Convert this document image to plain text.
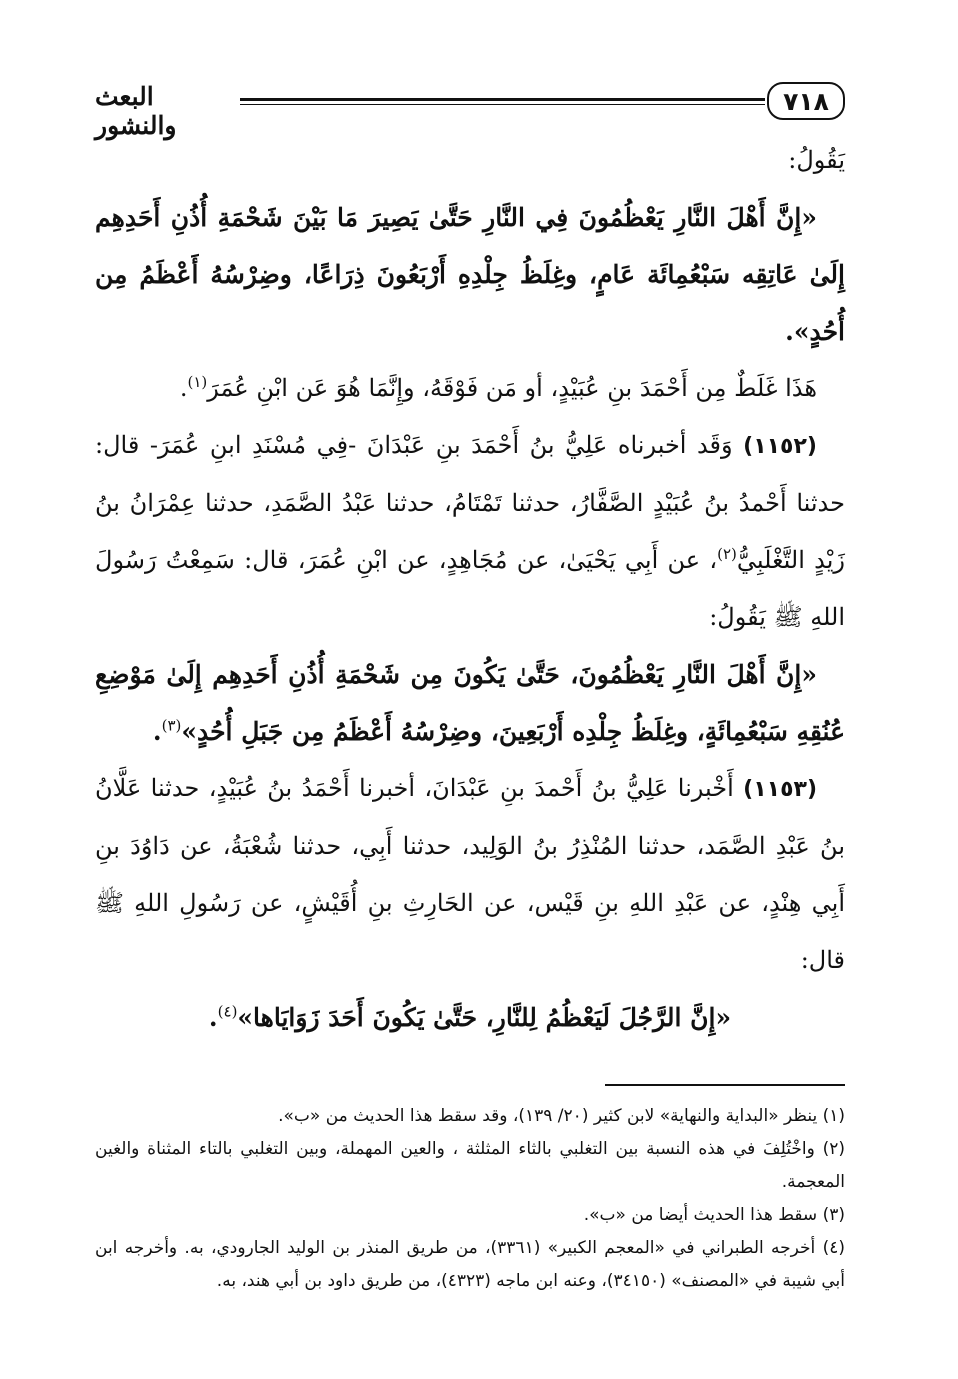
٧١٨
البعث والنشور

يَقُولُ:

«إِنَّ أَهْلَ النَّارِ يَعْظُمُونَ فِي النَّارِ حَتَّىٰ يَصِيرَ مَا بَيْنَ شَحْمَةِ أُذُنِ أَحَدِهِم إِلَىٰ عَاتِقِه سَبْعُمِائَة عَامٍ، وغِلَظُ جِلْدِهِ أَرْبَعُونَ ذِرَاعًا، وضِرْسُهُ أَعْظَمُ مِن أُحُدٍ».

هَذَا غَلَطٌ مِن أَحْمَدَ بنِ عُبَيْدٍ، أو مَن فَوْقَهُ، وإِنَّمَا هُوَ عَن ابْنِ عُمَرَ$^{(١)}$.

(١١٥٢) وَقَد أخبرناه عَلِيُّ بنُ أَحْمَدَ بنِ عَبْدَانَ -فِي مُسْنَدِ ابنِ عُمَرَ- قال: حدثنا أَحْمدُ بنُ عُبَيْدٍ الصَّفَّارُ، حدثنا تَمْتَامُ، حدثنا عَبْدُ الصَّمَدِ، حدثنا عِمْرَانُ بنُ زَيْدٍ التَّغْلَبِيُّ$^{(٢)}$، عن أَبِي يَحْيَىٰ، عن مُجَاهِدٍ، عن ابْنِ عُمَرَ، قال: سَمِعْتُ رَسُولَ اللهِ ﷺ يَقُولُ:

«إِنَّ أَهْلَ النَّارِ يَعْظُمُونَ، حَتَّىٰ يَكُونَ مِن شَحْمَةِ أُذُنِ أَحَدِهِم إِلَىٰ مَوْضِعِ عُنُقِهِ سَبْعُمِائَةٍ، وغِلَظُ جِلْدِه أَرْبَعِينَ، وضِرْسُهُ أَعْظَمُ مِن جَبَلِ أُحُدٍ»$^{(٣)}$.

(١١٥٣) أَخْبرنا عَلِيُّ بنُ أَحْمدَ بنِ عَبْدَانَ، أخبرنا أَحْمَدُ بنُ عُبَيْدٍ، حدثنا عَلَّانُ بنُ عَبْدِ الصَّمَد، حدثنا المُنْذِرُ بنُ الوَلِيد، حدثنا أَبِي، حدثنا شُعْبَةُ، عن دَاوُدَ بنِ أَبِي هِنْدٍ، عن عَبْدِ اللهِ بنِ قَيْس، عن الحَارِثِ بنِ أُقَيْشٍ، عن رَسُولِ اللهِ ﷺ قال:

«إِنَّ الرَّجُلَ لَيَعْظُمُ لِلنَّارِ، حَتَّىٰ يَكُونَ أَحَدَ زَوَايَاها»$^{(٤)}$.

(١) ينظر «البداية والنهاية» لابن كثير (٢٠/ ١٣٩)، وقد سقط هذا الحديث من «ب».

(٢) واخْتُلِفَ في هذه النسبة بين التغلبي بالثاء المثلثة ، والعين المهملة، وبين التغلبي بالتاء المثناة والغين المعجمة.

(٣) سقط هذا الحديث أيضا من «ب».

(٤) أخرجه الطبراني في «المعجم الكبير» (٣٣٦١)، من طريق المنذر بن الوليد الجارودي، به. وأخرجه ابن أبي شيبة في «المصنف» (٣٤١٥٠)، وعنه ابن ماجه (٤٣٢٣)، من طريق داود بن أبي هند، به.
